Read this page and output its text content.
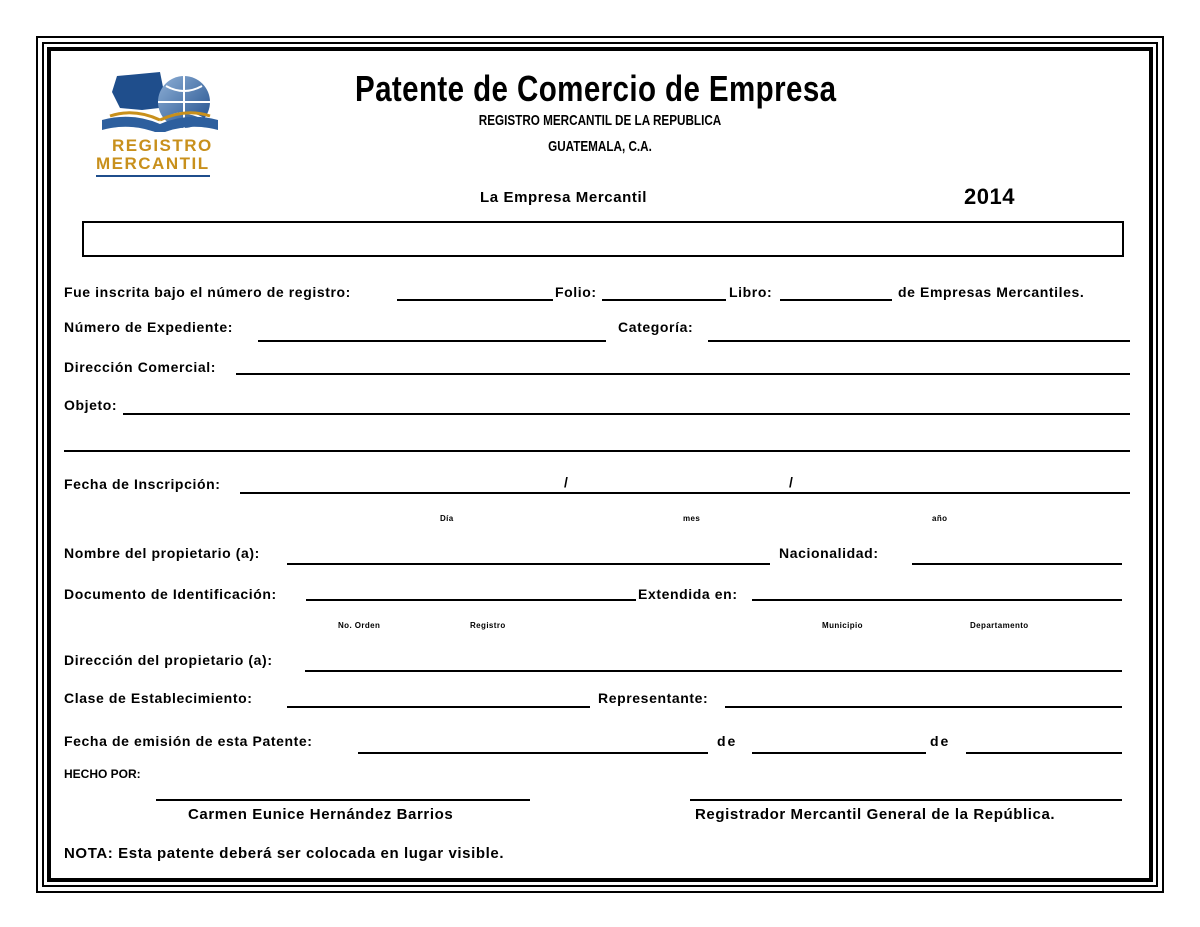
REGISTRO
MERCANTIL
Patente de Comercio de Empresa
REGISTRO MERCANTIL DE LA REPUBLICA
GUATEMALA, C.A.
La Empresa Mercantil	2014
Fue inscrita bajo el número de registro:	Folio:	Libro:	de Empresas Mercantiles.
Número de Expediente:	Categoría:
Dirección Comercial:
Objeto:
Fecha de Inscripción:	/	/
Día	mes	año
Nombre del propietario (a):	Nacionalidad:
Documento de Identificación:	Extendida en:
No. Orden	Registro	Municipio	Departamento
Dirección del propietario (a):
Clase de Establecimiento:	Representante:
Fecha de emisión de esta Patente:	de	de
HECHO POR:
Carmen Eunice Hernández Barrios	Registrador Mercantil General de la República.
NOTA: Esta patente deberá ser colocada en lugar visible.
